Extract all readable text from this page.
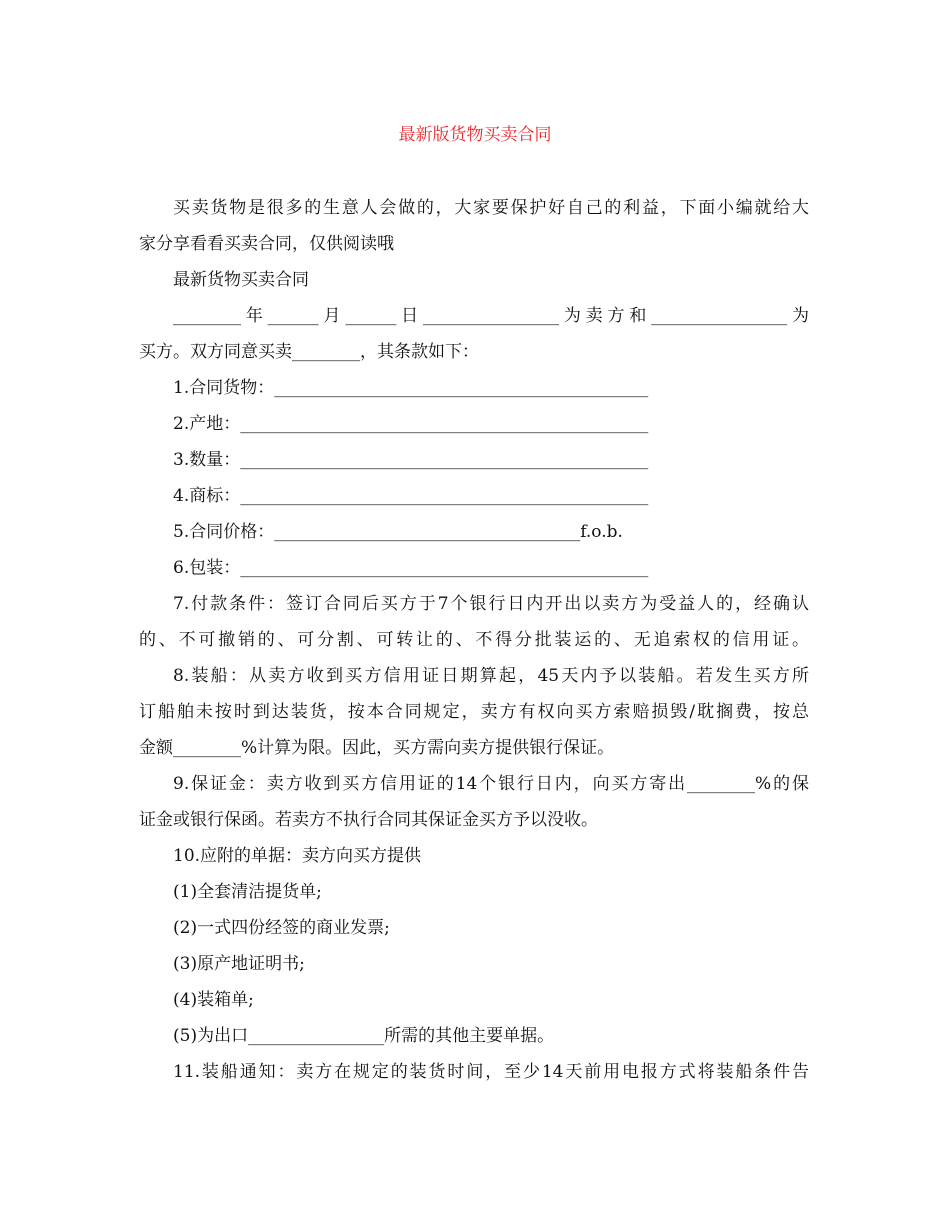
最新版货物买卖合同
买卖货物是很多的生意人会做的，大家要保护好自己的利益，下面小编就给大
家分享看看买卖合同，仅供阅读哦
最新货物买卖合同
________年______月______日________________为卖方和________________为
买方。双方同意买卖________，其条款如下：
1.合同货物：____________________________________________
2.产地：________________________________________________
3.数量：________________________________________________
4.商标：________________________________________________
5.合同价格：____________________________________f.o.b.
6.包装：________________________________________________
7.付款条件：签订合同后买方于7个银行日内开出以卖方为受益人的，经确认
的、不可撤销的、可分割、可转让的、不得分批装运的、无追索权的信用证。
8.装船：从卖方收到买方信用证日期算起，45天内予以装船。若发生买方所
订船舶未按时到达装货，按本合同规定，卖方有权向买方索赔损毁/耽搁费，按总
金额________%计算为限。因此，买方需向卖方提供银行保证。
9.保证金：卖方收到买方信用证的14个银行日内，向买方寄出________%的保
证金或银行保函。若卖方不执行合同其保证金买方予以没收。
10.应附的单据：卖方向买方提供
(1)全套清洁提货单;
(2)一式四份经签的商业发票;
(3)原产地证明书;
(4)装箱单;
(5)为出口________________所需的其他主要单据。
11.装船通知：卖方在规定的装货时间，至少14天前用电报方式将装船条件告
